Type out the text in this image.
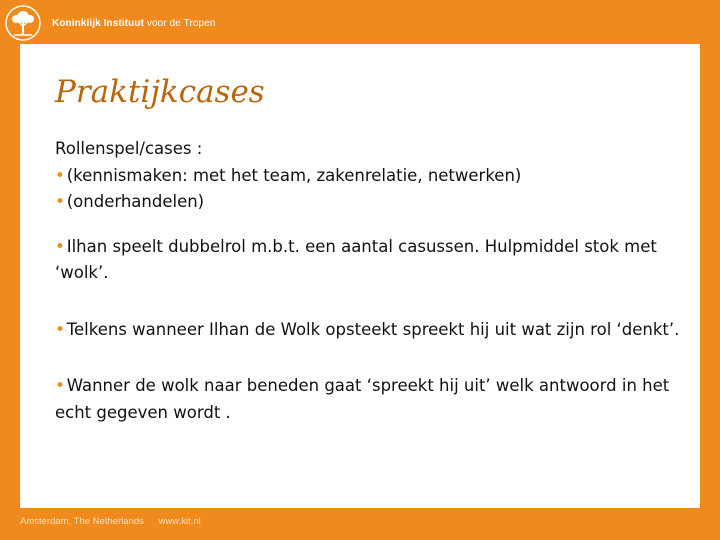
Koninklijk Instituut voor de Tropen
Praktijkcases

Rollenspel/cases :

• (kennismaken: met het team, zakenrelatie, netwerken)

• (onderhandelen)

• Ilhan speelt dubbelrol m.b.t. een aantal casussen. Hulpmiddel stok met ‘wolk’.

• Telkens wanneer Ilhan de Wolk opsteekt spreekt hij uit wat zijn rol ‘denkt’.

• Wanner de wolk naar beneden gaat ‘spreekt hij uit’ welk antwoord in het echt gegeven wordt .

Amsterdam, The Netherlands www.kit.nl
